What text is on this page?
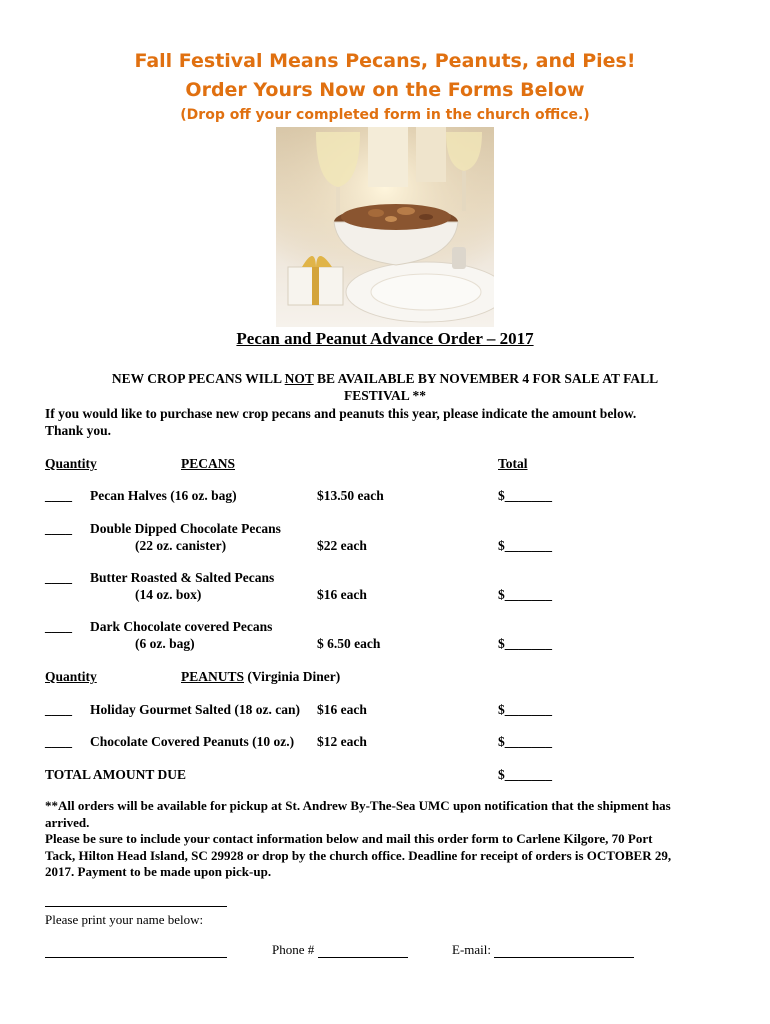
Fall Festival Means Pecans, Peanuts, and Pies!
Order Yours Now on the Forms Below
(Drop off your completed form in the church office.)
Pecan and Peanut Advance Order – 2017
NEW CROP PECANS WILL NOT BE AVAILABLE BY NOVEMBER 4 FOR SALE AT FALL
FESTIVAL **
If you would like to purchase new crop pecans and peanuts this year, please indicate the amount below.
Thank you.
Quantity	PECANS	Total
____ Pecan Halves (16 oz. bag)	$13.50 each	$_______
____ Double Dipped Chocolate Pecans
(22 oz. canister)	$22 each	$_______
____ Butter Roasted & Salted Pecans
(14 oz. box)	$16 each	$_______
____ Dark Chocolate covered Pecans
(6 oz. bag)	$ 6.50 each	$_______
Quantity	PEANUTS (Virginia Diner)
____ Holiday Gourmet Salted (18 oz. can) $16 each	$_______
____ Chocolate Covered Peanuts (10 oz.) $12 each	$_______
TOTAL AMOUNT DUE	$_______
**All orders will be available for pickup at St. Andrew By-The-Sea UMC upon notification that the shipment has
arrived.
Please be sure to include your contact information below and mail this order form to Carlene Kilgore, 70 Port
Tack, Hilton Head Island, SC 29928 or drop by the church office. Deadline for receipt of orders is OCTOBER 29,
2017. Payment to be made upon pick-up.
Please print your name below:
Phone #	E-mail:
